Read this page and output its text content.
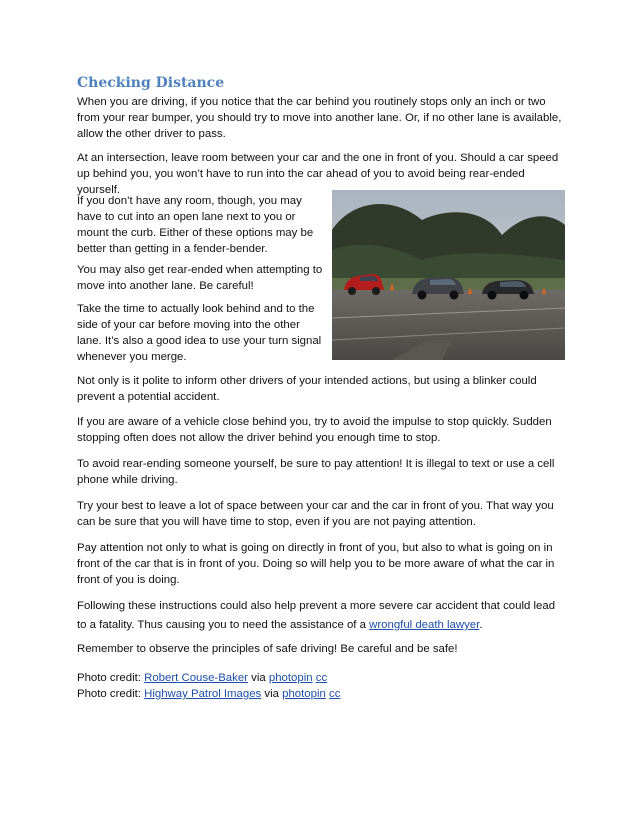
Checking Distance

When you are driving, if you notice that the car behind you routinely stops only an inch or two from your rear bumper, you should try to move into another lane. Or, if no other lane is available, allow the other driver to pass.

At an intersection, leave room between your car and the one in front of you. Should a car speed up behind you, you won’t have to run into the car ahead of you to avoid being rear-ended yourself.

If you don’t have any room, though, you may have to cut into an open lane next to you or mount the curb. Either of these options may be better than getting in a fender-bender.

You may also get rear-ended when attempting to move into another lane. Be careful!

Take the time to actually look behind and to the side of your car before moving into the other lane. It’s also a good idea to use your turn signal whenever you merge.

Not only is it polite to inform other drivers of your intended actions, but using a blinker could prevent a potential accident.

If you are aware of a vehicle close behind you, try to avoid the impulse to stop quickly. Sudden stopping often does not allow the driver behind you enough time to stop.

To avoid rear-ending someone yourself, be sure to pay attention! It is illegal to text or use a cell phone while driving.

Try your best to leave a lot of space between your car and the car in front of you. That way you can be sure that you will have time to stop, even if you are not paying attention.

Pay attention not only to what is going on directly in front of you, but also to what is going on in front of the car that is in front of you. Doing so will help you to be more aware of what the car in front of you is doing.

Following these instructions could also help prevent a more severe car accident that could lead to a fatality. Thus causing you to need the assistance of a wrongful death lawyer.

Remember to observe the principles of safe driving! Be careful and be safe!

Photo credit: Robert Couse-Baker via photopin cc

Photo credit: Highway Patrol Images via photopin cc
